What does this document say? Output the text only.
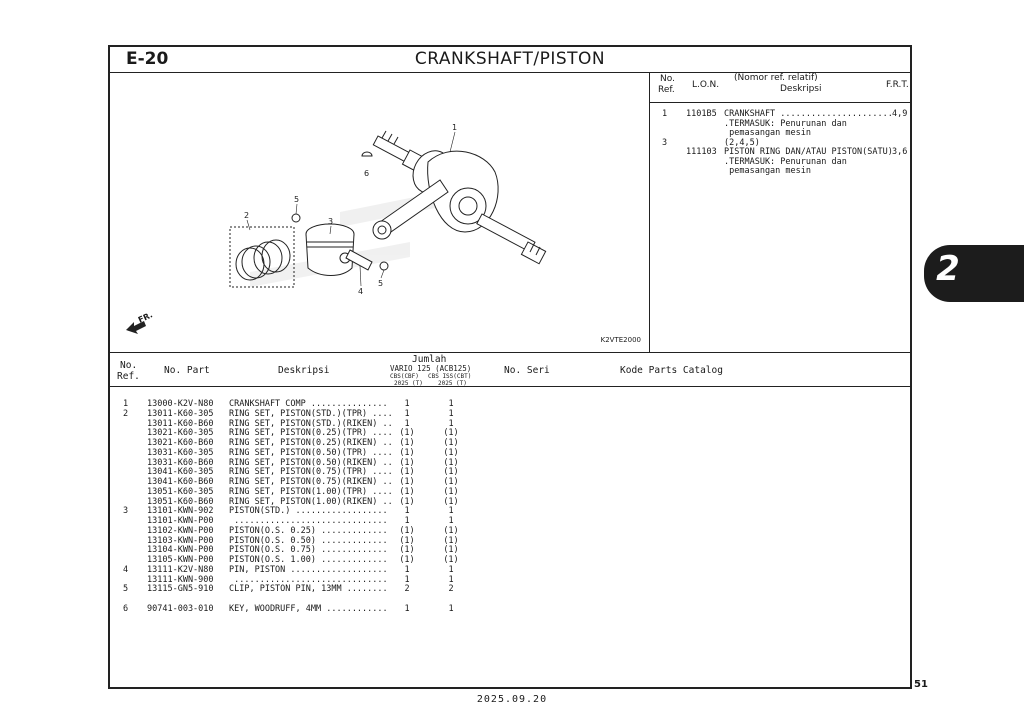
E-20	CRANKSHAFT/PISTON
1
2
3
4
5
5
6
FR.
K2VTE2000
No.
Ref. L.O.N.
(Nomor ref. relatif)
Deskripsi	F.R.T.
1 1101B5 CRANKSHAFT ...................... 4,9
.TERMASUK: Penurunan dan
pemasangan mesin
3	(2,4,5)
111103 PISTON RING DAN/ATAU PISTON(SATU) 3,6
.TERMASUK: Penurunan dan
pemasangan mesin
No.
Ref.
No. Part	Deskripsi
Jumlah
VARIO 125 (ACB125)
CBS(CBF) CBS ISS(CBT)
2025 (T)	2025 (T)
No. Seri	Kode Parts Catalog
1 13000-K2V-N80 CRANKSHAFT COMP ...............	1	1
2 13011-K60-305 RING SET, PISTON(STD.)(TPR) ....	1	1
13011-K60-B60 RING SET, PISTON(STD.)(RIKEN) ..	1	1
13021-K60-305 RING SET, PISTON(0.25)(TPR) .... (1)	(1)
13021-K60-B60 RING SET, PISTON(0.25)(RIKEN) .. (1)	(1)
13031-K60-305 RING SET, PISTON(0.50)(TPR) .... (1)	(1)
13031-K60-B60 RING SET, PISTON(0.50)(RIKEN) .. (1)	(1)
13041-K60-305 RING SET, PISTON(0.75)(TPR) .... (1)	(1)
13041-K60-B60 RING SET, PISTON(0.75)(RIKEN) .. (1)	(1)
13051-K60-305 RING SET, PISTON(1.00)(TPR) .... (1)	(1)
13051-K60-B60 RING SET, PISTON(1.00)(RIKEN) .. (1)	(1)
3 13101-KWN-902 PISTON(STD.) ..................	1	1
13101-KWN-P00 ..............................	1	1
13102-KWN-P00 PISTON(O.S. 0.25) .............	(1)	(1)
13103-KWN-P00 PISTON(O.S. 0.50) .............	(1)	(1)
13104-KWN-P00 PISTON(O.S. 0.75) .............	(1)	(1)
13105-KWN-P00 PISTON(O.S. 1.00) .............	(1)	(1)
4 13111-K2V-N80 PIN, PISTON ...................	1	1
13111-KWN-900 ..............................	1	1
5 13115-GN5-910 CLIP, PISTON PIN, 13MM ........	2	2
6 90741-003-010 KEY, WOODRUFF, 4MM ............	1	1
2
51
2025.09.20
